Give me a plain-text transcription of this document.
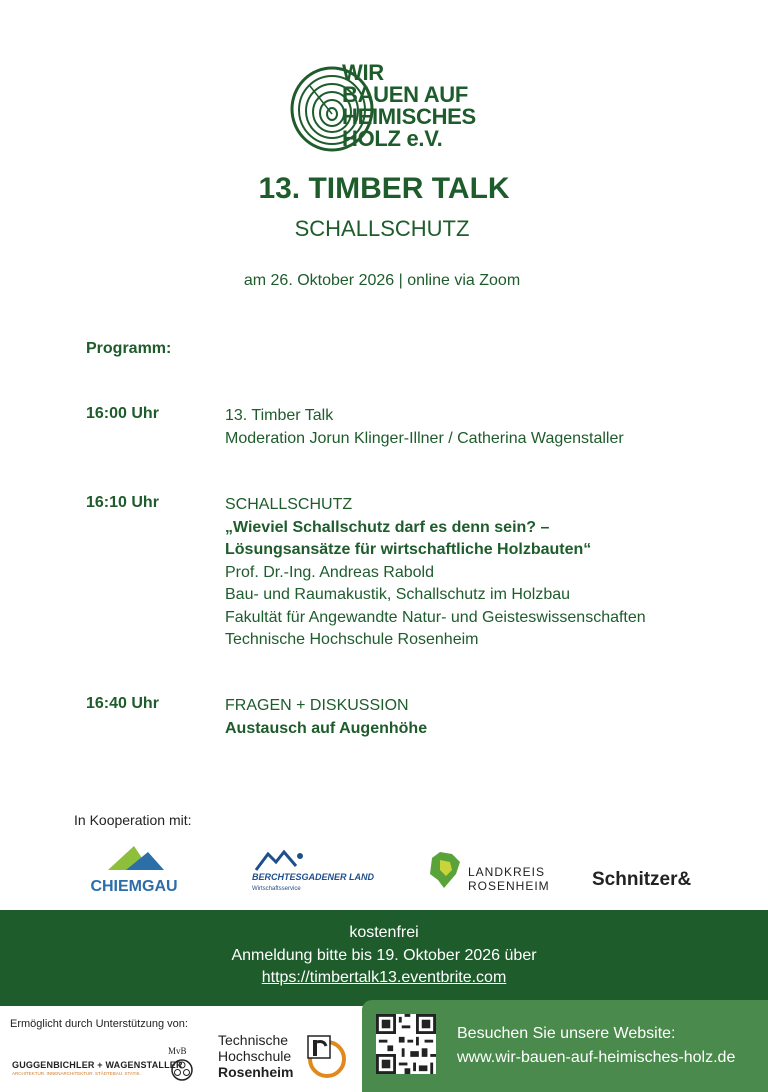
WIR
BAUEN AUF
HEIMISCHES
HOLZ e.V.
13. TIMBER TALK
SCHALLSCHUTZ
am 26. Oktober 2026 | online via Zoom
Programm:
16:00 Uhr	13. Timber Talk
Moderation Jorun Klinger-Illner / Catherina Wagenstaller
16:10 Uhr	SCHALLSCHUTZ
„Wieviel Schallschutz darf es denn sein? –
Lösungsansätze für wirtschaftliche Holzbauten“
Prof. Dr.-Ing. Andreas Rabold
Bau- und Raumakustik, Schallschutz im Holzbau
Fakultät für Angewandte Natur- und Geisteswissenschaften
Technische Hochschule Rosenheim
16:40 Uhr	FRAGEN + DISKUSSION
Austausch auf Augenhöhe
In Kooperation mit:
CHIEMGAU
BERCHTESGADENER LAND
Wirtschaftsservice
LANDKREIS
ROSENHEIM Schnitzer&
kostenfrei
Anmeldung bitte bis 19. Oktober 2026 über
https://timbertalk13.eventbrite.com
Ermöglicht durch Unterstützung von:
GUGGENBICHLER + WAGENSTALLER
ARCHITEKTUR. INNENARCHITEKTUR. STÄDTEBAU. STATIK.
MvB
Technische
Hochschule
Rosenheim
Besuchen Sie unsere Website:
www.wir-bauen-auf-heimisches-holz.de
